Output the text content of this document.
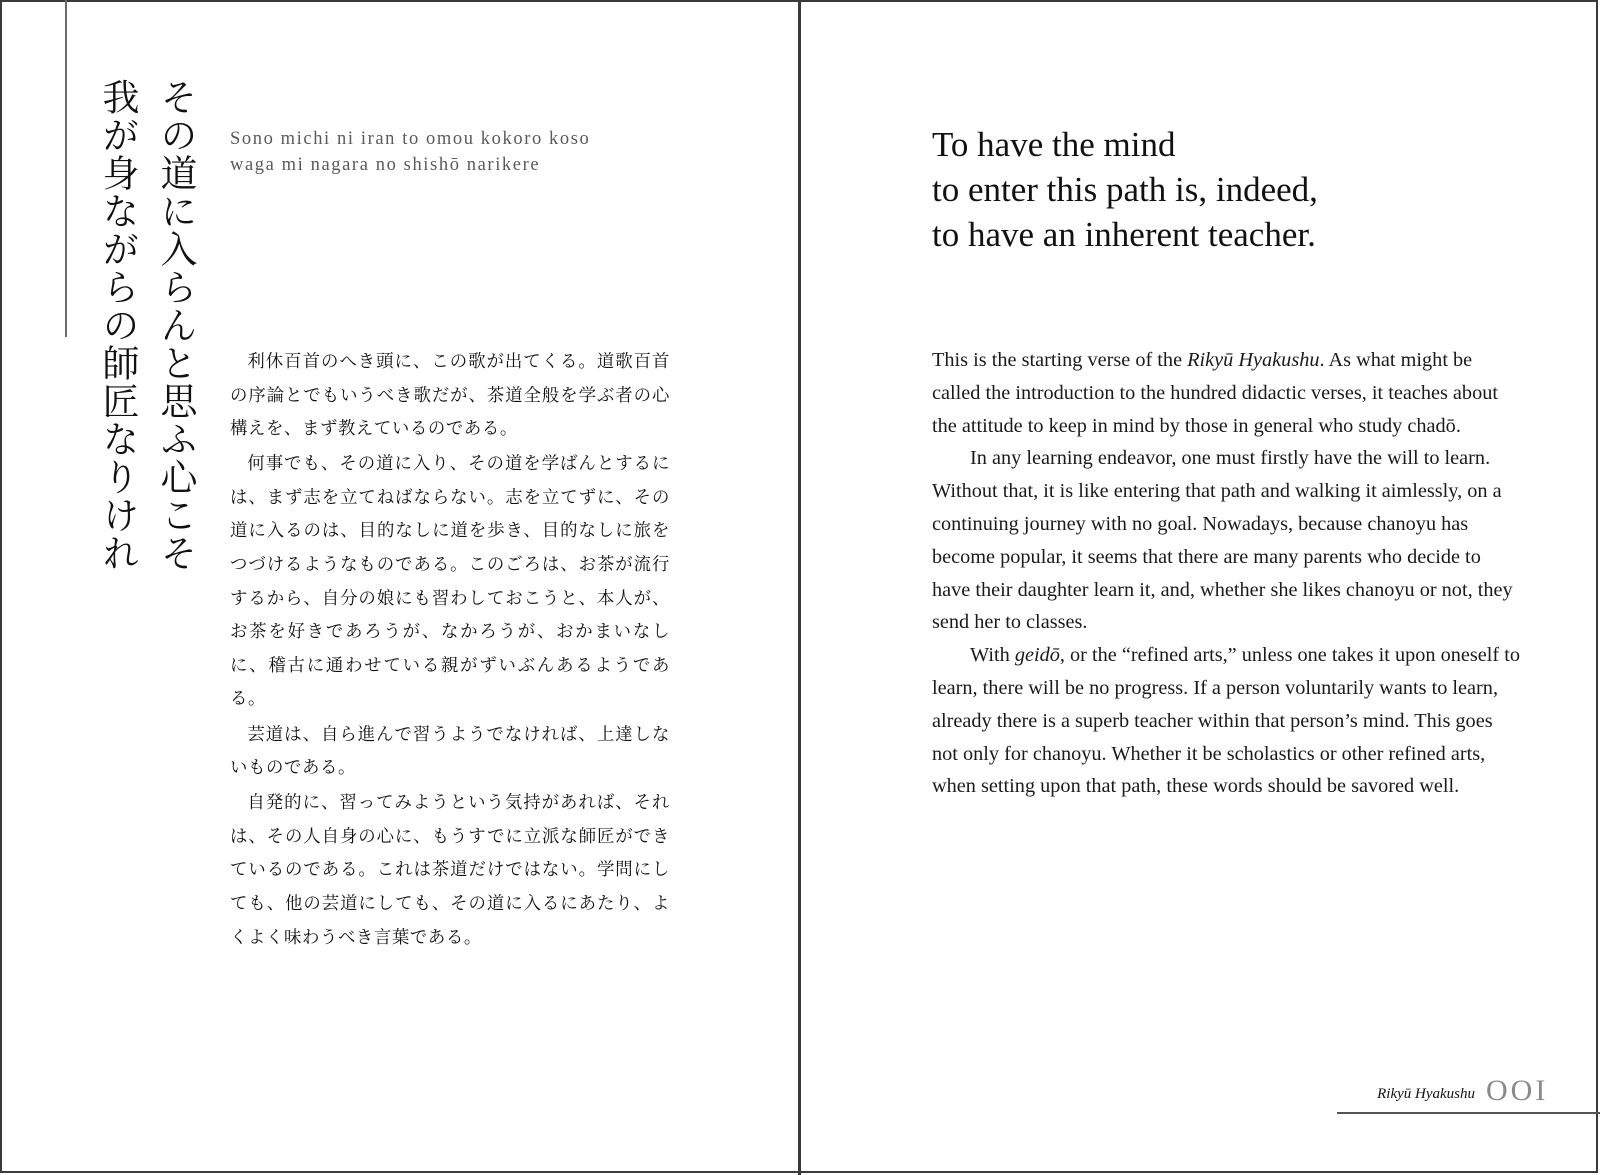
その道に入らんと思ふ心こそ
我が身ながらの師匠なりけれ	Sono michi ni iran to omou kokoro koso
waga mi nagara no shishō narikere

利休百首のへき頭に、この歌が出てくる。道歌百首の序論とでもいうべき歌だが、茶道全般を学ぶ者の心構えを、まず教えているのである。

何事でも、その道に入り、その道を学ばんとするには、まず志を立てねばならない。志を立てずに、その道に入るのは、目的なしに道を歩き、目的なしに旅をつづけるようなものである。このごろは、お茶が流行するから、自分の娘にも習わしておこうと、本人が、お茶を好きであろうが、なかろうが、おかまいなしに、稽古に通わせている親がずいぶんあるようである。

芸道は、自ら進んで習うようでなければ、上達しないものである。

自発的に、習ってみようという気持があれば、それは、その人自身の心に、もうすでに立派な師匠ができているのである。これは茶道だけではない。学問にしても、他の芸道にしても、その道に入るにあたり、よくよく味わうべき言葉である。

To have the mind
to enter this path is, indeed,
to have an inherent teacher.

This is the starting verse of the Rikyū Hyakushu. As what might be called the introduction to the hundred didactic verses, it teaches about the attitude to keep in mind by those in general who study chadō.

In any learning endeavor, one must firstly have the will to learn. Without that, it is like entering that path and walking it aimlessly, on a continuing journey with no goal. Nowadays, because chanoyu has become popular, it seems that there are many parents who decide to have their daughter learn it, and, whether she likes chanoyu or not, they send her to classes.

With geidō, or the “refined arts,” unless one takes it upon oneself to learn, there will be no progress. If a person voluntarily wants to learn, already there is a superb teacher within that person’s mind. This goes not only for chanoyu. Whether it be scholastics or other refined arts, when setting upon that path, these words should be savored well.

Rikyū Hyakushu OOI
